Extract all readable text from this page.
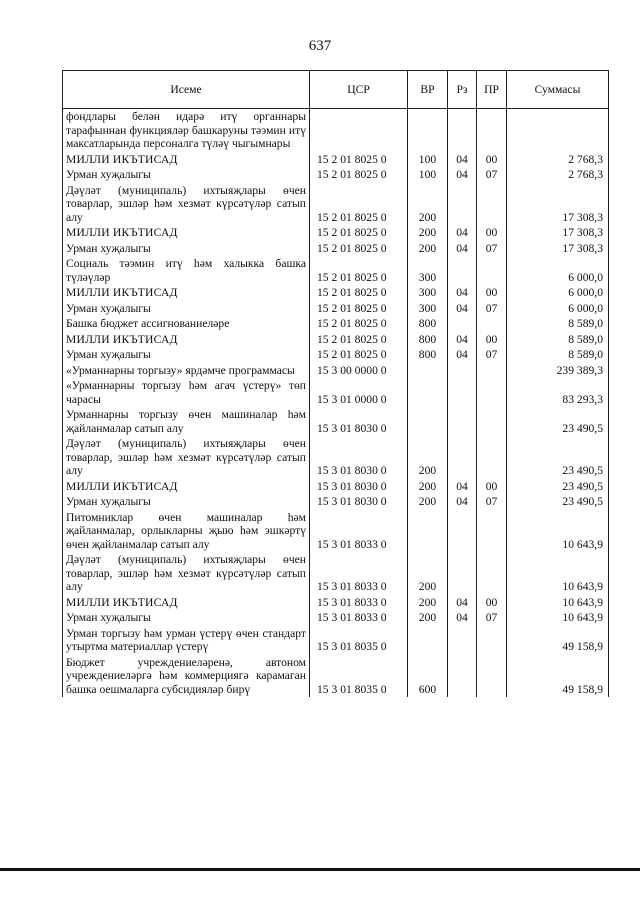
637
Исеме	ЦСР	ВР	Рз	ПР	Суммасы
фондлары белән идарә итү органнары тарафыннан функцияләр башкаруны тәэмин итү максатларында персоналга түләү чыгымнары					
МИЛЛИ ИКЪТИСАД	15 2 01 8025 0	100	04	00	2 768,3
Урман хуҗалыгы	15 2 01 8025 0	100	04	07	2 768,3
Дәүләт (муниципаль) ихтыяҗлары өчен товарлар, эшләр һәм хезмәт күрсәтүләр сатып алу	15 2 01 8025 0	200			17 308,3
МИЛЛИ ИКЪТИСАД	15 2 01 8025 0	200	04	00	17 308,3
Урман хуҗалыгы	15 2 01 8025 0	200	04	07	17 308,3
Социаль тәэмин итү һәм халыкка башка түләүләр	15 2 01 8025 0	300			6 000,0
МИЛЛИ ИКЪТИСАД	15 2 01 8025 0	300	04	00	6 000,0
Урман хуҗалыгы	15 2 01 8025 0	300	04	07	6 000,0
Башка бюджет ассигнованиеләре	15 2 01 8025 0	800			8 589,0
МИЛЛИ ИКЪТИСАД	15 2 01 8025 0	800	04	00	8 589,0
Урман хуҗалыгы	15 2 01 8025 0	800	04	07	8 589,0
«Урманнарны торгызу» ярдәмче программасы	15 3 00 0000 0				239 389,3
«Урманнарны торгызу һәм агач үстерү» төп чарасы	15 3 01 0000 0				83 293,3
Урманнарны торгызу өчен машиналар һәм җайланмалар сатып алу	15 3 01 8030 0				23 490,5
Дәүләт (муниципаль) ихтыяҗлары өчен товарлар, эшләр һәм хезмәт күрсәтүләр сатып алу	15 3 01 8030 0	200			23 490,5
МИЛЛИ ИКЪТИСАД	15 3 01 8030 0	200	04	00	23 490,5
Урман хуҗалыгы	15 3 01 8030 0	200	04	07	23 490,5
Питомниклар өчен машиналар һәм җайланмалар, орлыкларны җыю һәм эшкәртү өчен җайланмалар сатып алу	15 3 01 8033 0				10 643,9
Дәүләт (муниципаль) ихтыяҗлары өчен товарлар, эшләр һәм хезмәт күрсәтүләр сатып алу	15 3 01 8033 0	200			10 643,9
МИЛЛИ ИКЪТИСАД	15 3 01 8033 0	200	04	00	10 643,9
Урман хуҗалыгы	15 3 01 8033 0	200	04	07	10 643,9
Урман торгызу һәм урман үстерү өчен стандарт утыртма материаллар үстерү	15 3 01 8035 0				49 158,9
Бюджет учреждениеләренә, автоном учреждениеләргә һәм коммерциягә карамаган башка оешмаларга субсидияләр бирү	15 3 01 8035 0	600			49 158,9
